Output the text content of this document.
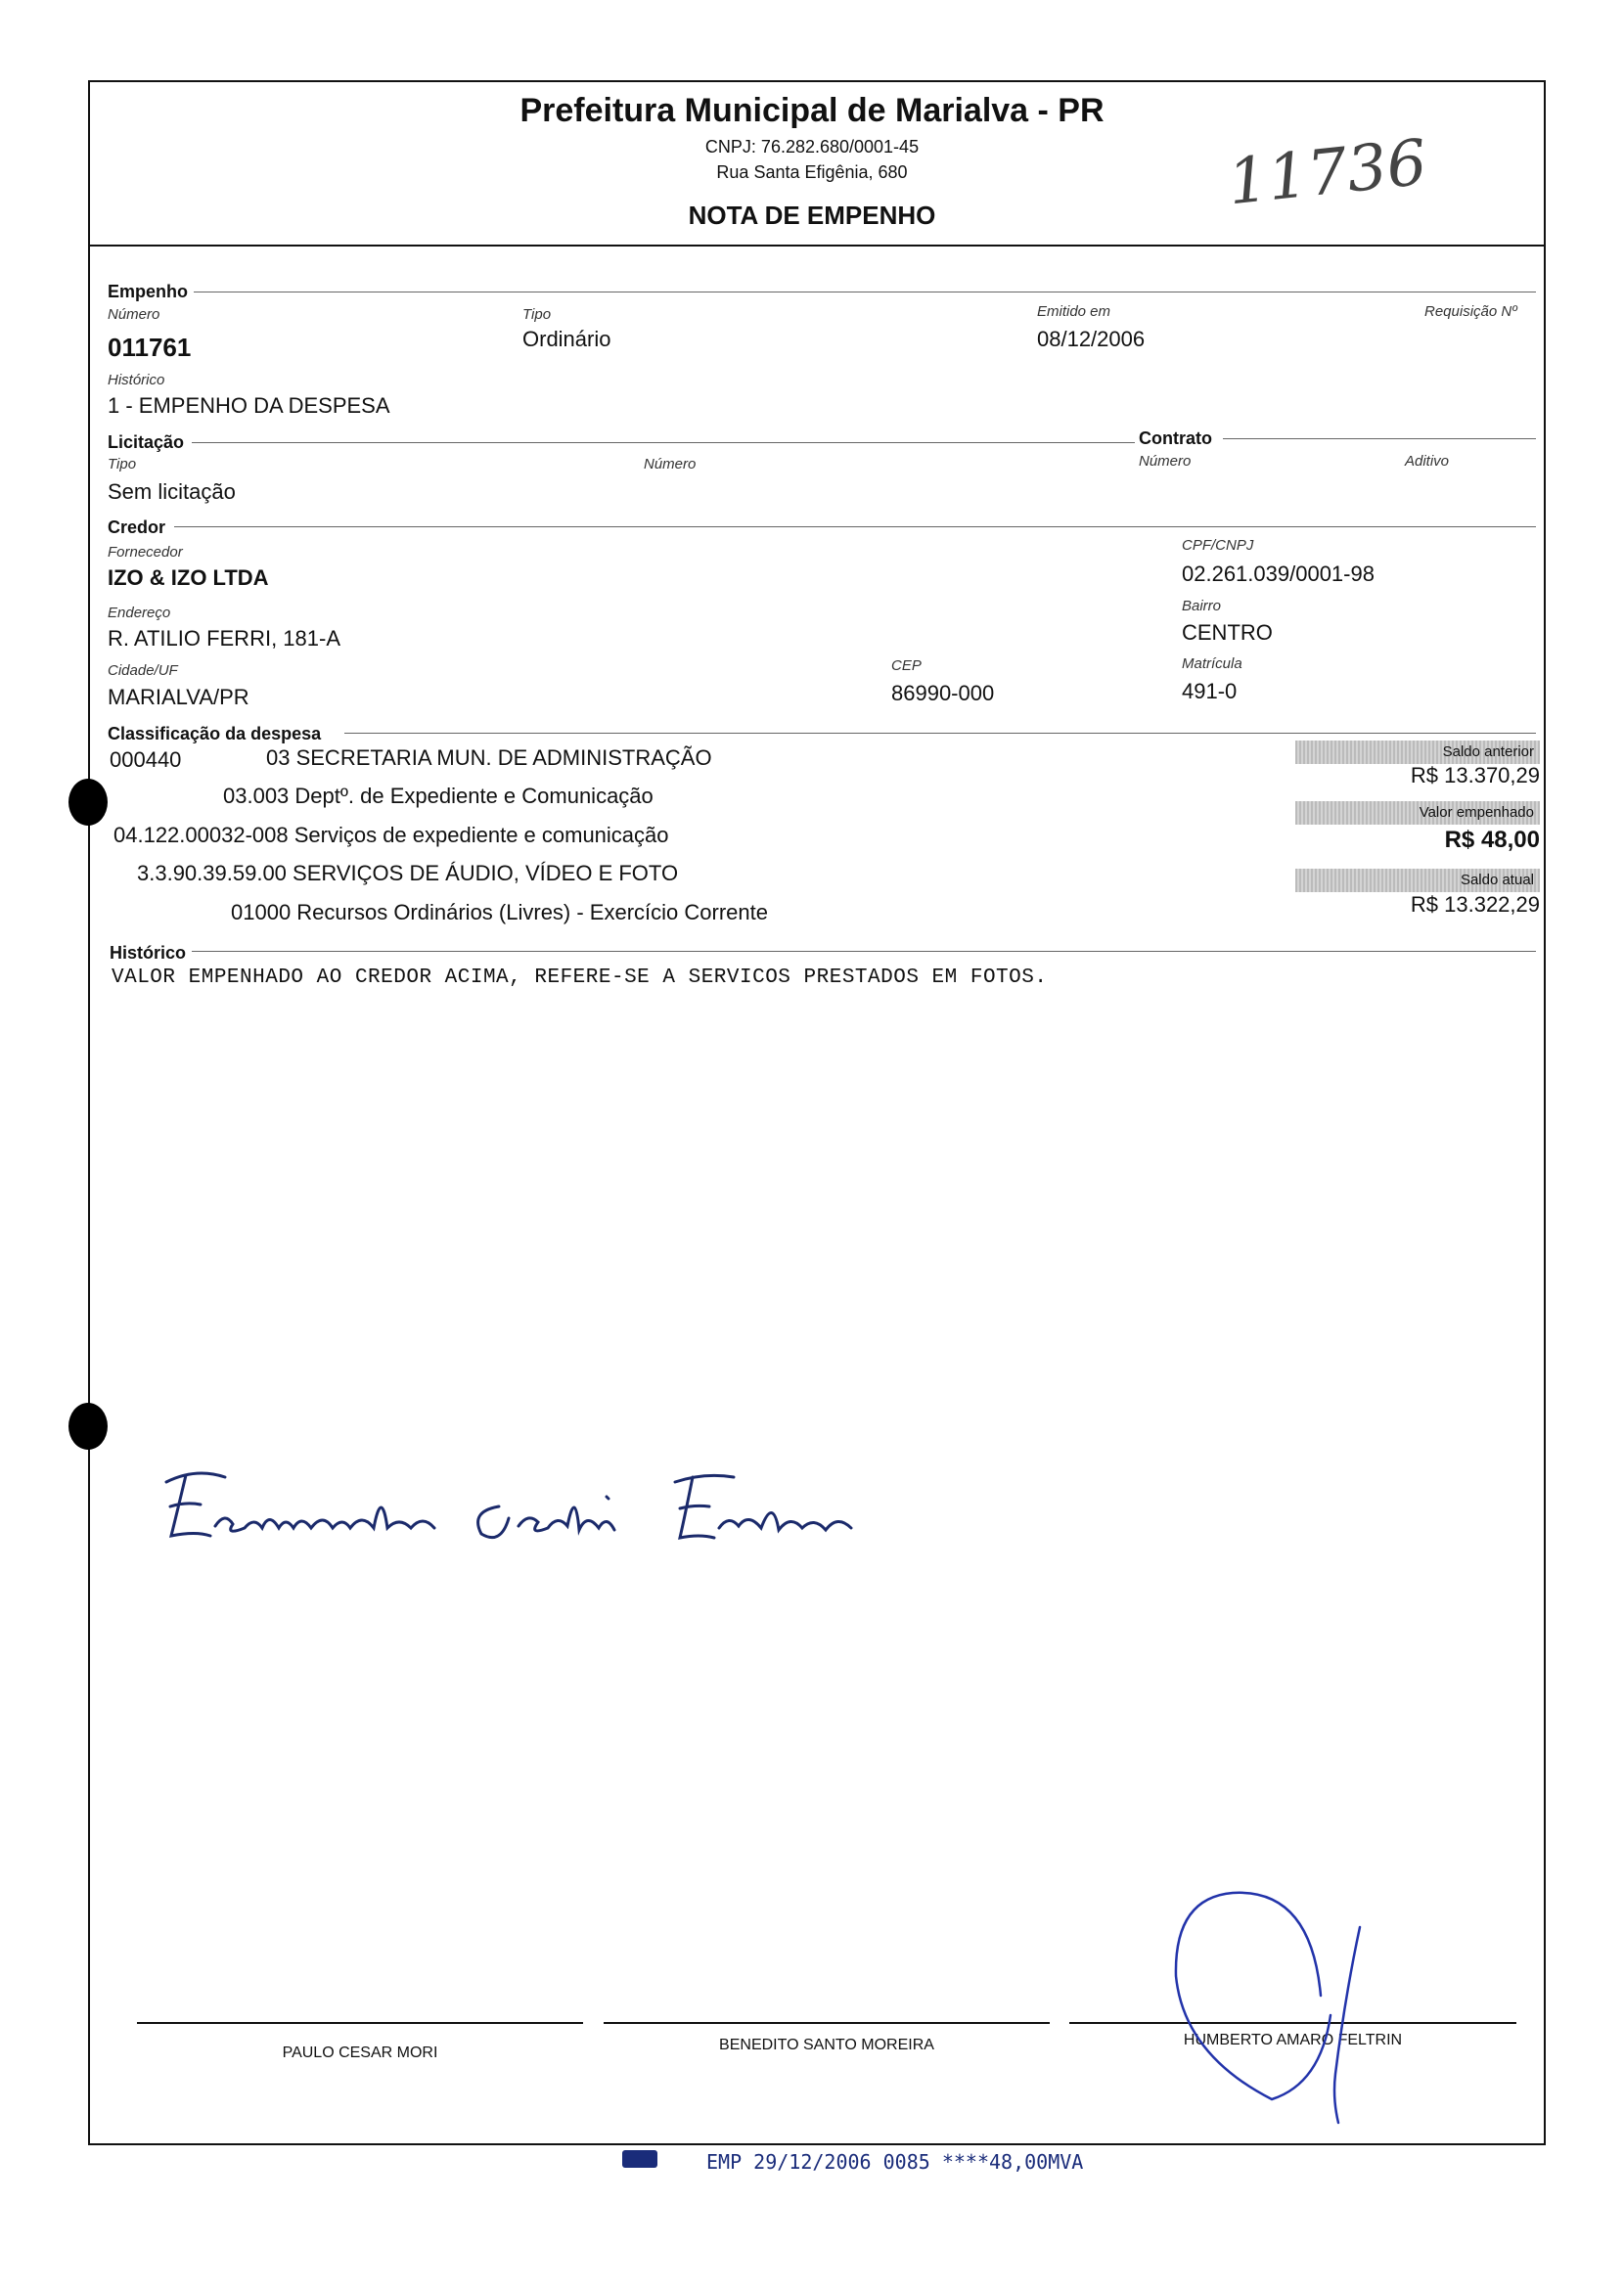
Prefeitura Municipal de Marialva - PR
CNPJ: 76.282.680/0001-45
Rua Santa Efigênia, 680
NOTA DE EMPENHO	11736
Empenho
Número
011761
Tipo
Ordinário
Emitido em
08/12/2006
Requisição Nº
Histórico
1 - EMPENHO DA DESPESA
Licitação	Contrato
Tipo
Sem licitação
Número	Número	Aditivo
Credor
Fornecedor
IZO & IZO LTDA
CPF/CNPJ
02.261.039/0001-98
Endereço
R. ATILIO FERRI, 181-A
Bairro
CENTRO
Cidade/UF
MARIALVA/PR
CEP
86990-000
Matrícula
491-0
Classificação da despesa
000440	03 SECRETARIA MUN. DE ADMINISTRAÇÃO
03.003 Deptº. de Expediente e Comunicação
04.122.00032-008 Serviços de expediente e comunicação
3.3.90.39.59.00 SERVIÇOS DE ÁUDIO, VÍDEO E FOTO
01000 Recursos Ordinários (Livres) - Exercício Corrente
Saldo anterior
R$ 13.370,29
Valor empenhado
R$ 48,00
Saldo atual
R$ 13.322,29
Histórico
VALOR EMPENHADO AO CREDOR ACIMA, REFERE-SE A SERVICOS PRESTADOS EM FOTOS.
PAULO CESAR MORI	BENEDITO SANTO MOREIRA	HUMBERTO AMARO FELTRIN
EMP 29/12/2006 0085 ****48,00MVA
